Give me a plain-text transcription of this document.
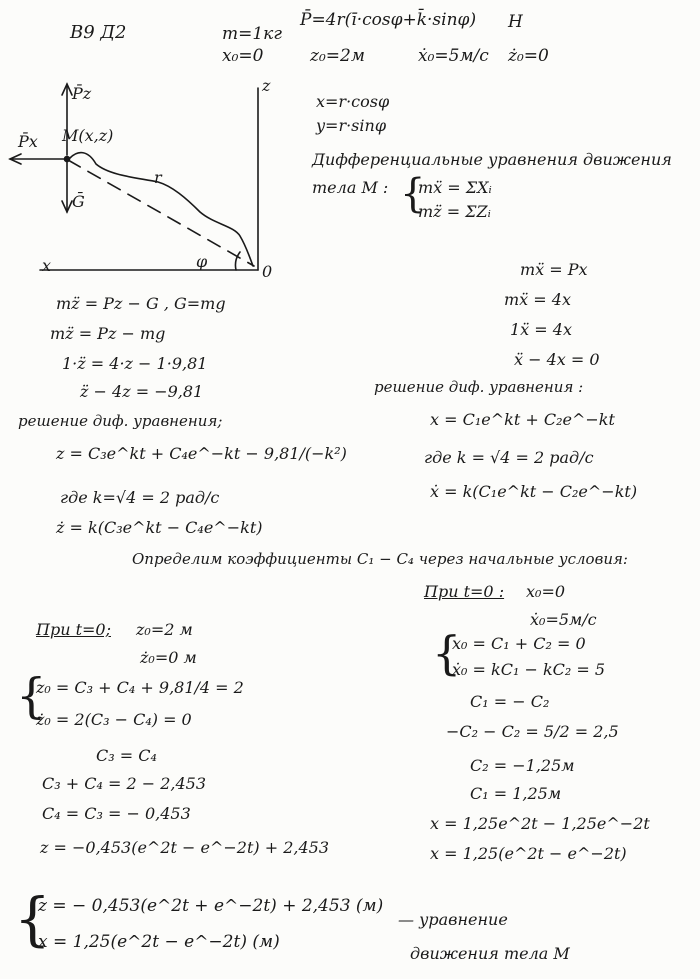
В9 Д2	m=1кг
P̄=4r(ī·cosφ+k̄·sinφ) H
x₀=0	z₀=2м	ẋ₀=5м/с ż₀=0
P̄z
P̄x
Ḡ
M(x,z)
r
φ
z
x	0
x=r·cosφ
y=r·sinφ
Дифференциальные уравнения движения
тела M : {
mẍ = ΣXᵢ
mz̈ = ΣZᵢ
mz̈ = Pz − G , G=mg
mz̈ = Pz − mg
1·z̈ = 4·z − 1·9,81
z̈ − 4z = −9,81
решение диф. уравнения;
z = C₃e^kt + C₄e^−kt − 9,81/(−k²)
где k=√4 = 2 рад/с
ż = k(C₃e^kt − C₄e^−kt)
mẍ = Px
mẍ = 4x
1ẍ = 4x
ẍ − 4x = 0
решение диф. уравнения :
x = C₁e^kt + C₂e^−kt
где k = √4 = 2 рад/с
ẋ = k(C₁e^kt − C₂e^−kt)
Определим коэффициенты C₁ − C₄ через начальные условия:
При t=0 : x₀=0
ẋ₀=5м/с
{
x₀ = C₁ + C₂ = 0
ẋ₀ = kC₁ − kC₂ = 5
C₁ = − C₂
−C₂ − C₂ = 5/2 = 2,5
C₂ = −1,25м
C₁ = 1,25м
x = 1,25e^2t − 1,25e^−2t
x = 1,25(e^2t − e^−2t)
При t=0; z₀=2 м
ż₀=0 м
{
z₀ = C₃ + C₄ + 9,81/4 = 2
ż₀ = 2(C₃ − C₄) = 0
C₃ = C₄
C₃ + C₄ = 2 − 2,453
C₄ = C₃ = − 0,453
z = −0,453(e^2t − e^−2t) + 2,453
{
z = − 0,453(e^2t + e^−2t) + 2,453 (м)
x = 1,25(e^2t − e^−2t) (м)
— уравнение
движения тела M
